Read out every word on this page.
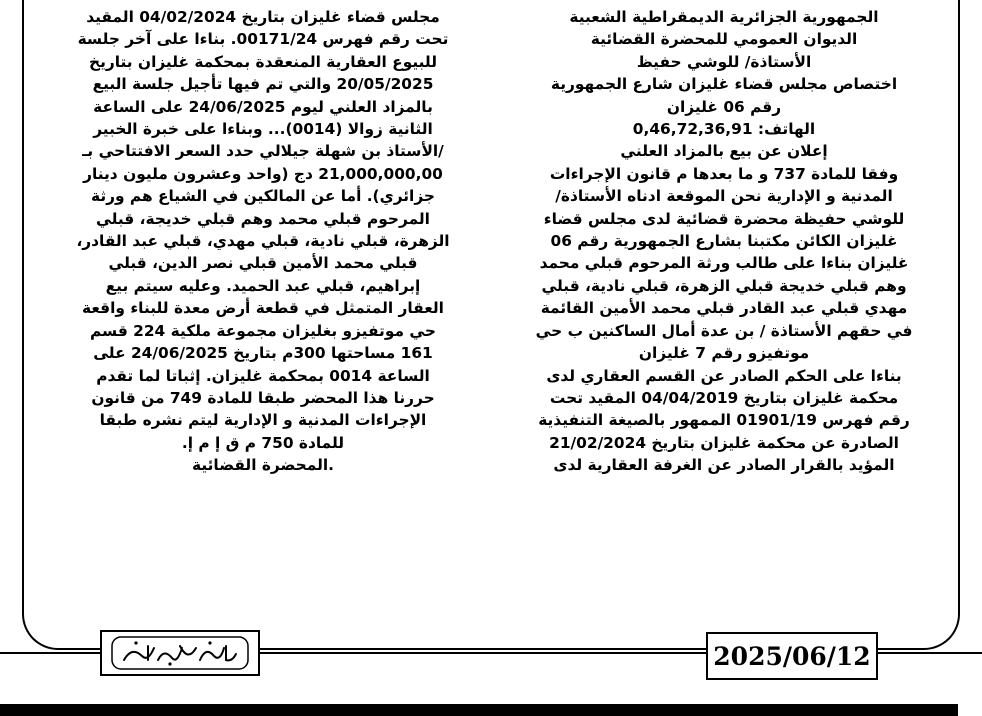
الجمهورية الجزائرية الديمقراطية الشعبية

الديوان العمومي للمحضرة القضائية

الأستاذة/ للوشي حفيظ

اختصاص مجلس قضاء غليزان شارع الجمهورية

رقم 06 غليزان

الهاتف: 0,46,72,36,91

إعلان عن بيع بالمزاد العلني

وفقا للمادة 737 و ما بعدها م قانون الإجراءات

المدنية و الإدارية نحن الموقعة ادناه الأستاذة/

للوشي حفيظة محضرة قضائية لدى مجلس قضاء

غليزان الكائن مكتبنا بشارع الجمهورية رقم 06

غليزان بناءا على طالب ورثة المرحوم قبلي محمد

وهم قبلي خديجة قبلي الزهرة، قبلي نادية، قبلي

مهدي قبلي عبد القادر قبلي محمد الأمين القائمة

في حقهم الأستاذة / بن عدة أمال الساكنين ب حي

موتفيزو رقم 7 غليزان

بناءا على الحكم الصادر عن القسم العقاري لدى

محكمة غليزان بتاريخ 04/04/2019 المقيد تحت

رقم فهرس 01901/19 الممهور بالصيغة التنفيذية

الصادرة عن محكمة غليزان بتاريخ 21/02/2024

المؤيد بالقرار الصادر عن الغرفة العقارية لدى

مجلس قضاء غليزان بتاريخ 04/02/2024 المقيد

تحت رقم فهرس 00171/24. بناءا على آخر جلسة

للبيوع العقارية المنعقدة بمحكمة غليزان بتاريخ

20/05/2025 والتي تم فيها تأجيل جلسة البيع

بالمزاد العلني ليوم 24/06/2025 على الساعة

الثانية زوالا (0014)... وبناءا على خبرة الخبير

/الأستاذ بن شهلة جيلالي حدد السعر الافتتاحي بـ

21,000,000,00 دج (واحد وعشرون مليون دينار

جزائري). أما عن المالكين في الشياع هم ورثة

المرحوم قبلي محمد وهم قبلي خديجة، قبلي

الزهرة، قبلي نادية، قبلي مهدي، قبلي عبد القادر،

قبلي محمد الأمين قبلي نصر الدين، قبلي

إبراهيم، قبلي عبد الحميد. وعليه سيتم بيع

العقار المتمثل في قطعة أرض معدة للبناء واقعة

حي موتفيزو بغليزان مجموعة ملكية 224 قسم

161 مساحتها 300م بتاريخ 24/06/2025 على

الساعة 0014 بمحكمة غليزان. إثباتا لما تقدم

حررنا هذا المحضر طبقا للمادة 749 من قانون

الإجراءات المدنية و الإدارية ليتم نشره طبقا

للمادة 750 م ق إ م إ.

.المحضرة القضائية

2025/06/12
